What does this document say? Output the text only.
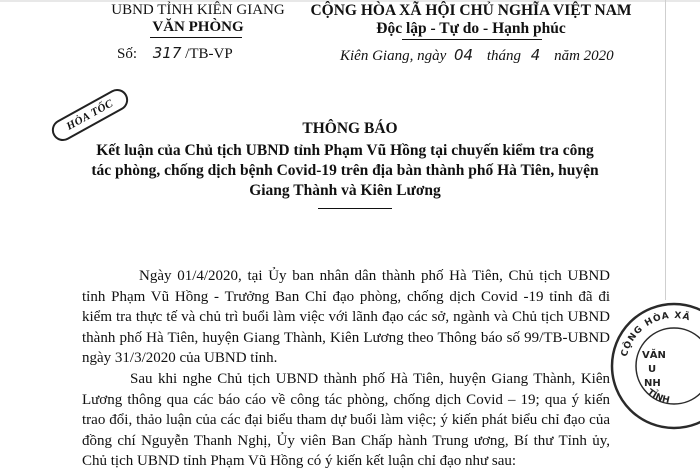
UBND TỈNH KIÊN GIANG
VĂN PHÒNG
Số: 317 /TB-VP
CỘNG HÒA XÃ HỘI CHỦ NGHĨA VIỆT NAM
Độc lập - Tự do - Hạnh phúc
Kiên Giang, ngày 04 tháng 4 năm 2020
HỎA TỐC	THÔNG BÁO
Kết luận của Chủ tịch UBND tỉnh Phạm Vũ Hồng tại chuyến kiểm tra công tác phòng, chống dịch bệnh Covid-19 trên địa bàn thành phố Hà Tiên, huyện Giang Thành và Kiên Lương
Ngày 01/4/2020, tại Ủy ban nhân dân thành phố Hà Tiên, Chủ tịch UBND tỉnh Phạm Vũ Hồng - Trưởng Ban Chỉ đạo phòng, chống dịch Covid -19 tỉnh đã đi kiểm tra thực tế và chủ trì buổi làm việc với lãnh đạo các sở, ngành và Chủ tịch UBND thành phố Hà Tiên, huyện Giang Thành, Kiên Lương theo Thông báo số 99/TB-UBND ngày 31/3/2020 của UBND tỉnh.
Sau khi nghe Chủ tịch UBND thành phố Hà Tiên, huyện Giang Thành, Kiên Lương thông qua các báo cáo về công tác phòng, chống dịch Covid – 19; qua ý kiến trao đổi, thảo luận của các đại biểu tham dự buổi làm việc; ý kiến phát biểu chỉ đạo của đồng chí Nguyễn Thanh Nghị, Ủy viên Ban Chấp hành Trung ương, Bí thư Tỉnh ủy, Chủ tịch UBND tỉnh Phạm Vũ Hồng có ý kiến kết luận chỉ đạo như sau:
CỘNG HÒA XÃ
TỈNH
VĂN
U
NH
